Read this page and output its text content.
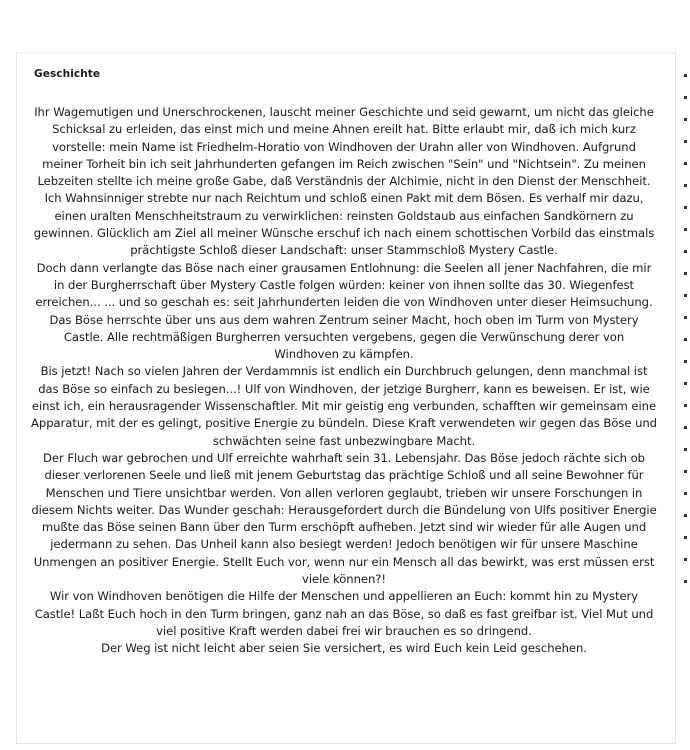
Geschichte

Ihr Wagemutigen und Unerschrockenen, lauscht meiner Geschichte und seid gewarnt, um nicht das gleiche Schicksal zu erleiden, das einst mich und meine Ahnen ereilt hat. Bitte erlaubt mir, daß ich mich kurz vorstelle: mein Name ist Friedhelm-Horatio von Windhoven der Urahn aller von Windhoven. Aufgrund meiner Torheit bin ich seit Jahrhunderten gefangen im Reich zwischen "Sein" und "Nichtsein". Zu meinen Lebzeiten stellte ich meine große Gabe, daß Verständnis der Alchimie, nicht in den Dienst der Menschheit. Ich Wahnsinniger strebte nur nach Reichtum und schloß einen Pakt mit dem Bösen. Es verhalf mir dazu, einen uralten Menschheitstraum zu verwirklichen: reinsten Goldstaub aus einfachen Sandkörnern zu gewinnen. Glücklich am Ziel all meiner Wünsche erschuf ich nach einem schottischen Vorbild das einstmals prächtigste Schloß dieser Landschaft: unser Stammschloß Mystery Castle.

Doch dann verlangte das Böse nach einer grausamen Entlohnung: die Seelen all jener Nachfahren, die mir in der Burgherrschaft über Mystery Castle folgen würden: keiner von ihnen sollte das 30. Wiegenfest erreichen... ... und so geschah es: seit Jahrhunderten leiden die von Windhoven unter dieser Heimsuchung. Das Böse herrschte über uns aus dem wahren Zentrum seiner Macht, hoch oben im Turm von Mystery Castle. Alle rechtmäßigen Burgherren versuchten vergebens, gegen die Verwünschung derer von Windhoven zu kämpfen.

Bis jetzt! Nach so vielen Jahren der Verdammnis ist endlich ein Durchbruch gelungen, denn manchmal ist das Böse so einfach zu besiegen...! Ulf von Windhoven, der jetzige Burgherr, kann es beweisen. Er ist, wie einst ich, ein herausragender Wissenschaftler. Mit mir geistig eng verbunden, schafften wir gemeinsam eine Apparatur, mit der es gelingt, positive Energie zu bündeln. Diese Kraft verwendeten wir gegen das Böse und schwächten seine fast unbezwingbare Macht.

Der Fluch war gebrochen und Ulf erreichte wahrhaft sein 31. Lebensjahr. Das Böse jedoch rächte sich ob dieser verlorenen Seele und ließ mit jenem Geburtstag das prächtige Schloß und all seine Bewohner für Menschen und Tiere unsichtbar werden. Von allen verloren geglaubt, trieben wir unsere Forschungen in diesem Nichts weiter. Das Wunder geschah: Herausgefordert durch die Bündelung von Ulfs positiver Energie mußte das Böse seinen Bann über den Turm erschöpft aufheben. Jetzt sind wir wieder für alle Augen und jedermann zu sehen. Das Unheil kann also besiegt werden! Jedoch benötigen wir für unsere Maschine Unmengen an positiver Energie. Stellt Euch vor, wenn nur ein Mensch all das bewirkt, was erst müssen erst viele können?!

Wir von Windhoven benötigen die Hilfe der Menschen und appellieren an Euch: kommt hin zu Mystery Castle! Laßt Euch hoch in den Turm bringen, ganz nah an das Böse, so daß es fast greifbar ist. Viel Mut und viel positive Kraft werden dabei frei wir brauchen es so dringend.

Der Weg ist nicht leicht aber seien Sie versichert, es wird Euch kein Leid geschehen.
